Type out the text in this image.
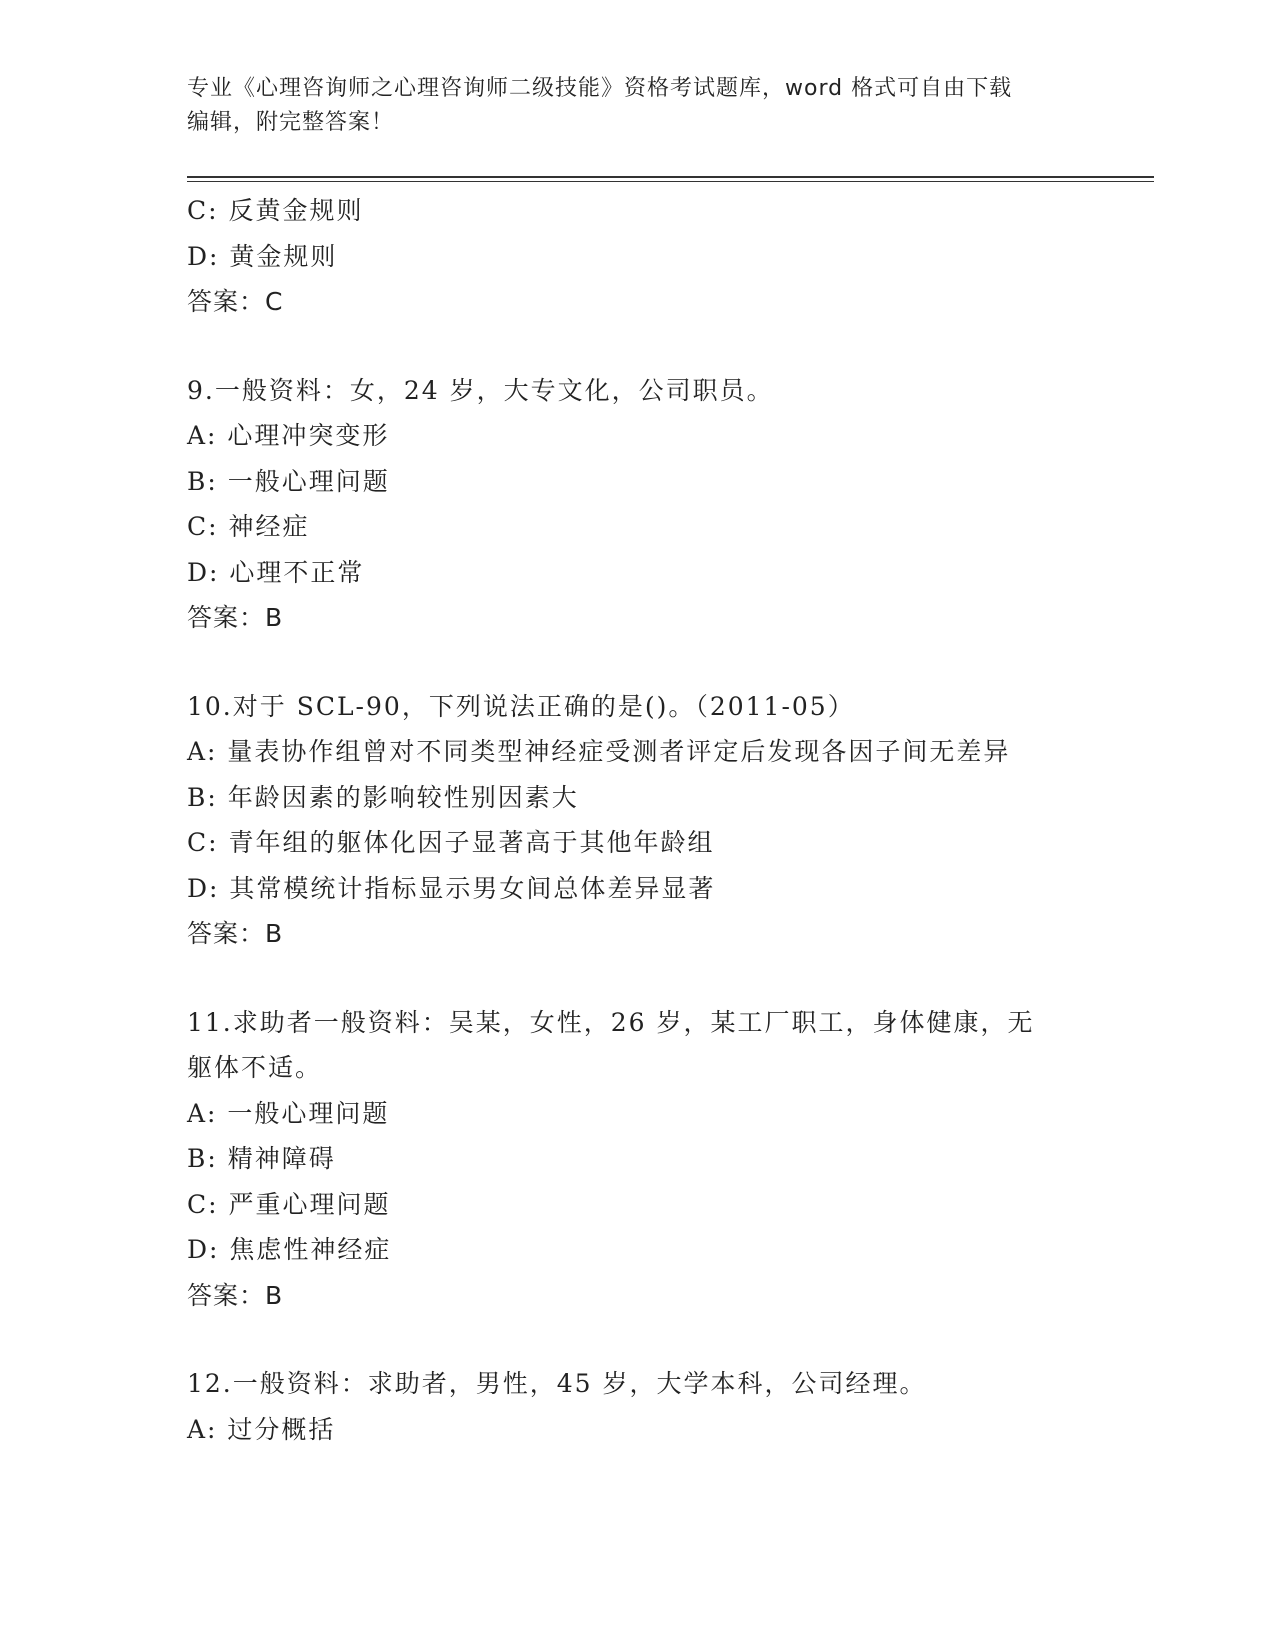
专业《心理咨询师之心理咨询师二级技能》资格考试题库，word 格式可自由下载
编辑，附完整答案！
C: 反黄金规则
D: 黄金规则
答案：C
9.一般资料：女，24 岁，大专文化，公司职员。
A: 心理冲突变形
B: 一般心理问题
C: 神经症
D: 心理不正常
答案：B
10.对于 SCL-90，下列说法正确的是()。（2011-05）
A: 量表协作组曾对不同类型神经症受测者评定后发现各因子间无差异
B: 年龄因素的影响较性别因素大
C: 青年组的躯体化因子显著高于其他年龄组
D: 其常模统计指标显示男女间总体差异显著
答案：B
11.求助者一般资料：吴某，女性，26 岁，某工厂职工，身体健康，无
躯体不适。
A: 一般心理问题
B: 精神障碍
C: 严重心理问题
D: 焦虑性神经症
答案：B
12.一般资料：求助者，男性，45 岁，大学本科，公司经理。
A: 过分概括
